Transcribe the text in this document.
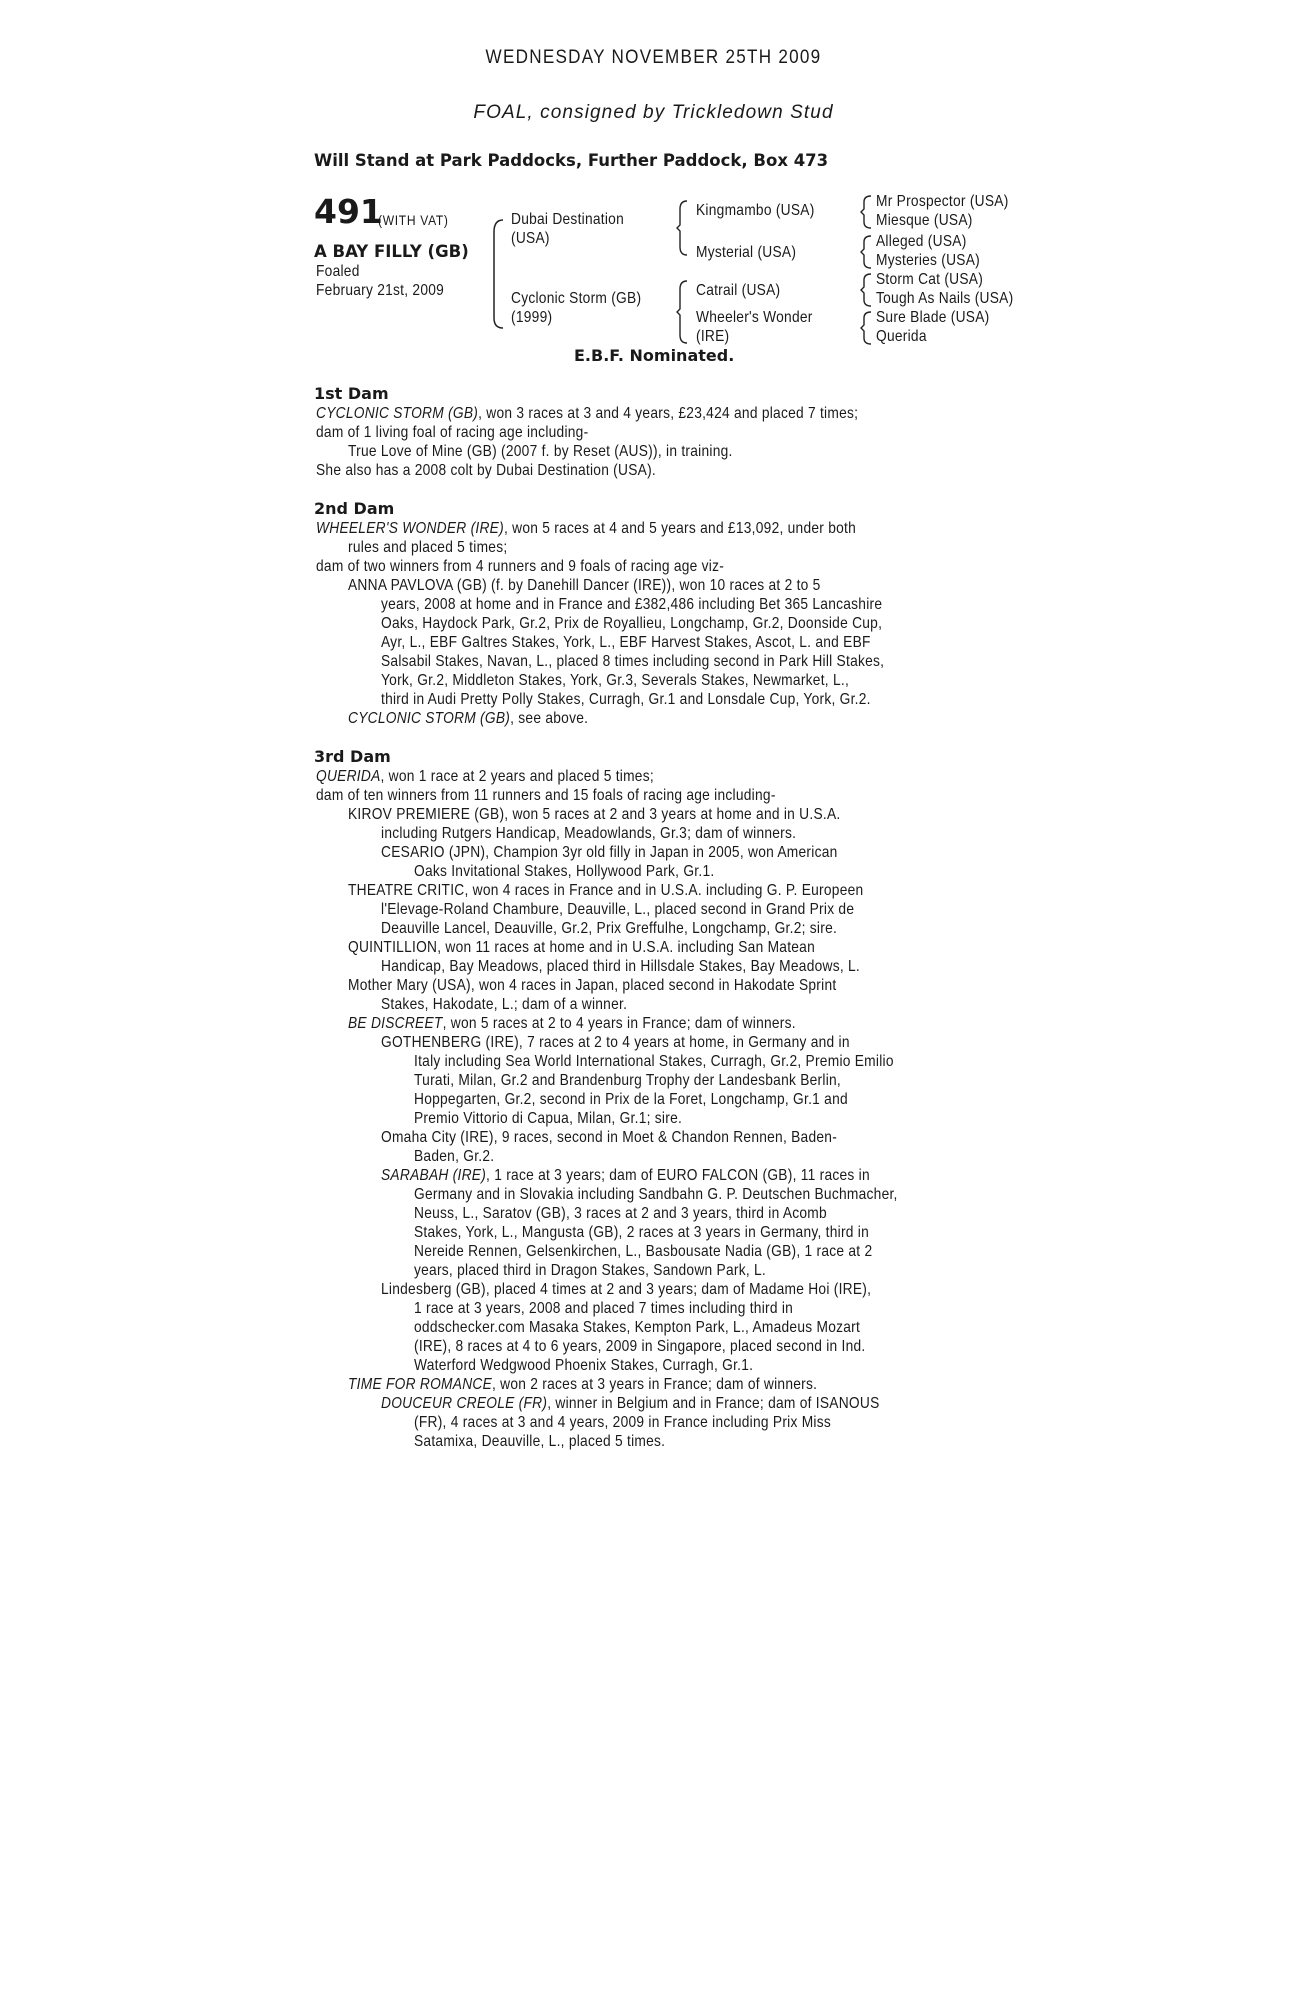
WEDNESDAY NOVEMBER 25TH 2009
FOAL, consigned by Trickledown Stud
Will Stand at Park Paddocks, Further Paddock, Box 473
491
(WITH VAT)
A BAY FILLY (GB)
Foaled
February 21st, 2009
Dubai Destination
(USA)
Cyclonic Storm (GB)
(1999)
Kingmambo (USA)
Mysterial (USA)
Catrail (USA)
Wheeler's Wonder
(IRE)
Mr Prospector (USA)
Miesque (USA)
Alleged (USA)
Mysteries (USA)
Storm Cat (USA)
Tough As Nails (USA)
Sure Blade (USA)
Querida
E.B.F. Nominated.
1st Dam
CYCLONIC STORM (GB), won 3 races at 3 and 4 years, £23,424 and placed 7 times;
dam of 1 living foal of racing age including-
True Love of Mine (GB) (2007 f. by Reset (AUS)), in training.
She also has a 2008 colt by Dubai Destination (USA).
2nd Dam
WHEELER'S WONDER (IRE), won 5 races at 4 and 5 years and £13,092, under both
rules and placed 5 times;
dam of two winners from 4 runners and 9 foals of racing age viz-
ANNA PAVLOVA (GB) (f. by Danehill Dancer (IRE)), won 10 races at 2 to 5
years, 2008 at home and in France and £382,486 including Bet 365 Lancashire
Oaks, Haydock Park, Gr.2, Prix de Royallieu, Longchamp, Gr.2, Doonside Cup,
Ayr, L., EBF Galtres Stakes, York, L., EBF Harvest Stakes, Ascot, L. and EBF
Salsabil Stakes, Navan, L., placed 8 times including second in Park Hill Stakes,
York, Gr.2, Middleton Stakes, York, Gr.3, Severals Stakes, Newmarket, L.,
third in Audi Pretty Polly Stakes, Curragh, Gr.1 and Lonsdale Cup, York, Gr.2.
CYCLONIC STORM (GB), see above.
3rd Dam
QUERIDA, won 1 race at 2 years and placed 5 times;
dam of ten winners from 11 runners and 15 foals of racing age including-
KIROV PREMIERE (GB), won 5 races at 2 and 3 years at home and in U.S.A.
including Rutgers Handicap, Meadowlands, Gr.3; dam of winners.
CESARIO (JPN), Champion 3yr old filly in Japan in 2005, won American
Oaks Invitational Stakes, Hollywood Park, Gr.1.
THEATRE CRITIC, won 4 races in France and in U.S.A. including G. P. Europeen
l'Elevage-Roland Chambure, Deauville, L., placed second in Grand Prix de
Deauville Lancel, Deauville, Gr.2, Prix Greffulhe, Longchamp, Gr.2; sire.
QUINTILLION, won 11 races at home and in U.S.A. including San Matean
Handicap, Bay Meadows, placed third in Hillsdale Stakes, Bay Meadows, L.
Mother Mary (USA), won 4 races in Japan, placed second in Hakodate Sprint
Stakes, Hakodate, L.; dam of a winner.
BE DISCREET, won 5 races at 2 to 4 years in France; dam of winners.
GOTHENBERG (IRE), 7 races at 2 to 4 years at home, in Germany and in
Italy including Sea World International Stakes, Curragh, Gr.2, Premio Emilio
Turati, Milan, Gr.2 and Brandenburg Trophy der Landesbank Berlin,
Hoppegarten, Gr.2, second in Prix de la Foret, Longchamp, Gr.1 and
Premio Vittorio di Capua, Milan, Gr.1; sire.
Omaha City (IRE), 9 races, second in Moet & Chandon Rennen, Baden-
Baden, Gr.2.
SARABAH (IRE), 1 race at 3 years; dam of EURO FALCON (GB), 11 races in
Germany and in Slovakia including Sandbahn G. P. Deutschen Buchmacher,
Neuss, L., Saratov (GB), 3 races at 2 and 3 years, third in Acomb
Stakes, York, L., Mangusta (GB), 2 races at 3 years in Germany, third in
Nereide Rennen, Gelsenkirchen, L., Basbousate Nadia (GB), 1 race at 2
years, placed third in Dragon Stakes, Sandown Park, L.
Lindesberg (GB), placed 4 times at 2 and 3 years; dam of Madame Hoi (IRE),
1 race at 3 years, 2008 and placed 7 times including third in
oddschecker.com Masaka Stakes, Kempton Park, L., Amadeus Mozart
(IRE), 8 races at 4 to 6 years, 2009 in Singapore, placed second in Ind.
Waterford Wedgwood Phoenix Stakes, Curragh, Gr.1.
TIME FOR ROMANCE, won 2 races at 3 years in France; dam of winners.
DOUCEUR CREOLE (FR), winner in Belgium and in France; dam of ISANOUS
(FR), 4 races at 3 and 4 years, 2009 in France including Prix Miss
Satamixa, Deauville, L., placed 5 times.
